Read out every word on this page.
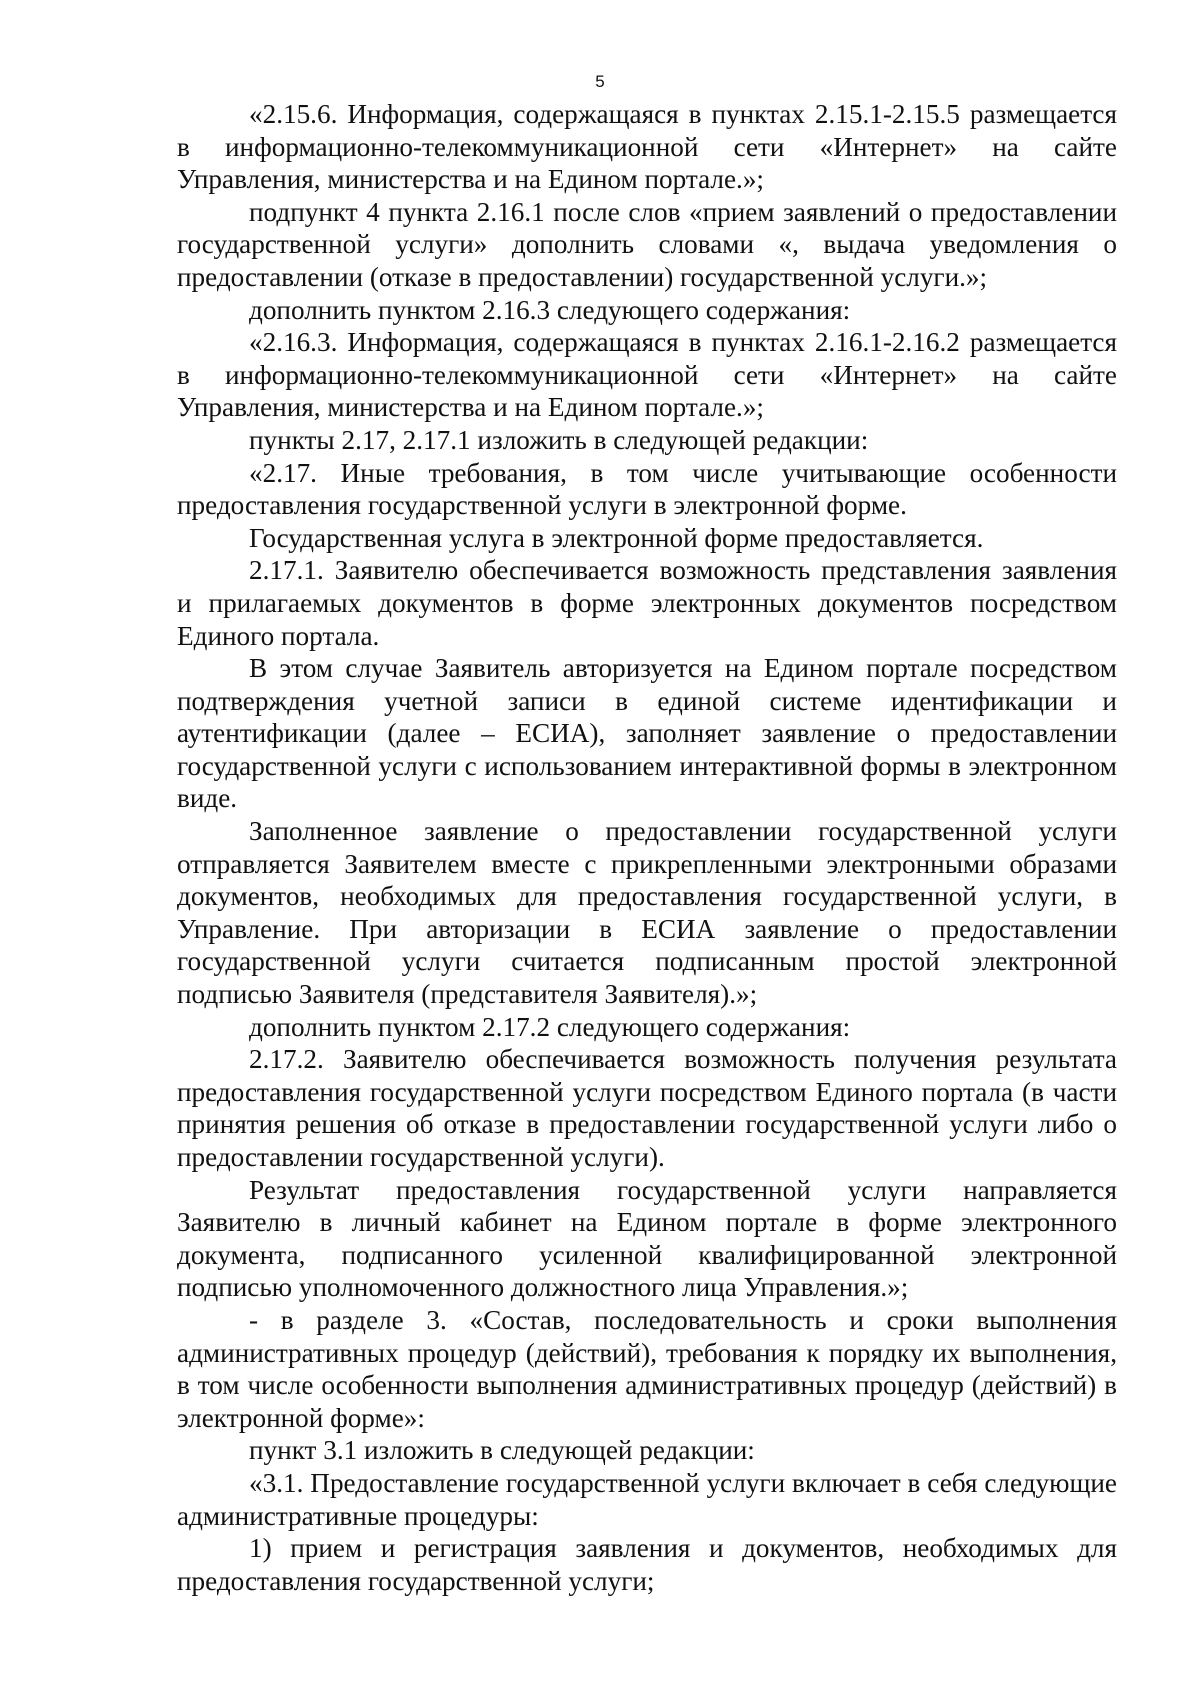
5

«2.15.6. Информация, содержащаяся в пунктах 2.15.1-2.15.5 размещается в информационно-телекоммуникационной сети «Интернет» на сайте Управления, министерства и на Едином портале.»;

подпункт 4 пункта 2.16.1 после слов «прием заявлений о предоставлении государственной услуги» дополнить словами «, выдача уведомления о предоставлении (отказе в предоставлении) государственной услуги.»;

дополнить пунктом 2.16.3 следующего содержания:

«2.16.3. Информация, содержащаяся в пунктах 2.16.1-2.16.2 размещается в информационно-телекоммуникационной сети «Интернет» на сайте Управления, министерства и на Едином портале.»;

пункты 2.17, 2.17.1 изложить в следующей редакции:

«2.17. Иные требования, в том числе учитывающие особенности предоставления государственной услуги в электронной форме.

Государственная услуга в электронной форме предоставляется.

2.17.1. Заявителю обеспечивается возможность представления заявления и прилагаемых документов в форме электронных документов посредством Единого портала.

В этом случае Заявитель авторизуется на Едином портале посредством подтверждения учетной записи в единой системе идентификации и аутентификации (далее – ЕСИА), заполняет заявление о предоставлении государственной услуги с использованием интерактивной формы в электронном виде.

Заполненное заявление о предоставлении государственной услуги отправляется Заявителем вместе с прикрепленными электронными образами документов, необходимых для предоставления государственной услуги, в Управление. При авторизации в ЕСИА заявление о предоставлении государственной услуги считается подписанным простой электронной подписью Заявителя (представителя Заявителя).»;

дополнить пунктом 2.17.2 следующего содержания:

2.17.2. Заявителю обеспечивается возможность получения результата предоставления государственной услуги посредством Единого портала (в части принятия решения об отказе в предоставлении государственной услуги либо о предоставлении государственной услуги).

Результат предоставления государственной услуги направляется Заявителю в личный кабинет на Едином портале в форме электронного документа, подписанного усиленной квалифицированной электронной подписью уполномоченного должностного лица Управления.»;

- в разделе 3. «Состав, последовательность и сроки выполнения административных процедур (действий), требования к порядку их выполнения, в том числе особенности выполнения административных процедур (действий) в электронной форме»:

пункт 3.1 изложить в следующей редакции:

«3.1. Предоставление государственной услуги включает в себя следующие административные процедуры:

1) прием и регистрация заявления и документов, необходимых для предоставления государственной услуги;
